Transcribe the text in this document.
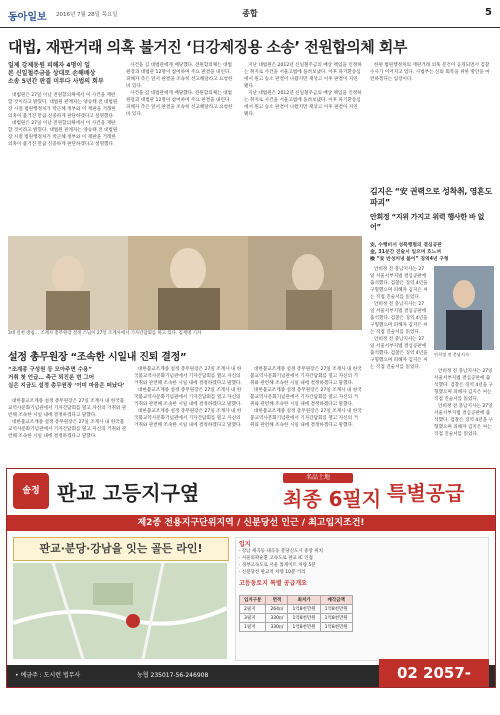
동아일보 2016년 7월 28일 목요일	종합	5
대법, 재판거래 의혹 불거진 ‘日강제징용 소송’ 전원합의체 회부
일제 강제동원 피해자 4명이 일
본 신일철주금을 상대로 손해배상
소송 5년간 판결 미루다 사법의 회부

대법원은 27일 이날 전원합의체에서 이 사건을 재판할 것이라고 밝혔다. 대법원 관계자는 양승태 전 대법원장 시절 법원행정처가 박근혜 정부와 이 재판을 거래한 의혹이 불거진 만큼 신중하게 판단하겠다고 설명했다.

대법원은 27일 이날 전원합의체에서 이 사건을 재판할 것이라고 밝혔다. 대법원 관계자는 양승태 전 대법원장 시절 법원행정처가 박근혜 정부와 이 재판을 거래한 의혹이 불거진 만큼 신중하게 판단하겠다고 설명했다.

사건을 김 대법관에게 배당했다. 전원합의체는 대법원장과 대법관 12명이 참여하며 주요 판결을 내린다. 피해자 측은 앞서 판결을 조속히 선고해달라고 요청한 바 있다.

사건을 김 대법관에게 배당했다. 전원합의체는 대법원장과 대법관 12명이 참여하며 주요 판결을 내린다. 피해자 측은 앞서 판결을 조속히 선고해달라고 요청한 바 있다.

지난 대법원은 2012년 신일철주금의 배상 책임을 인정하는 취지로 사건을 서울고법에 돌려보냈다. 이후 파기환송심에서 원고 승소 판결이 나왔지만 재상고 이후 판결이 지연됐다.

지난 대법원은 2012년 신일철주금의 배상 책임을 인정하는 취지로 사건을 서울고법에 돌려보냈다. 이후 파기환송심에서 원고 승소 판결이 나왔지만 재상고 이후 판결이 지연됐다.

한편 법원행정처의 재판거래 의혹 문건이 공개되면서 검찰 수사가 이어지고 있다. 사법부는 신뢰 회복을 위한 방안을 마련하겠다는 입장이다.

3대 실천 방침... 조계사 총무원장 설정 스님이 27일 조계사에서 기자간담회를 하고 있다. 김재명 기자
설정 총무원장 “조속한 시일내 진퇴 결정”
“조계종 구성원 등 모아주면 수용”
거취 첫 언급… 측근 퇴진론 번 그어
실은 지금도 설정 총무원장 ‘이미 마음은 떠났다’

대한불교조계종 설정 총무원장은 27일 조계사 내 한국불교역사문화기념관에서 기자간담회를 열고 자신의 거취와 관련해 조속한 시일 내에 결정하겠다고 말했다.

대한불교조계종 설정 총무원장은 27일 조계사 내 한국불교역사문화기념관에서 기자간담회를 열고 자신의 거취와 관련해 조속한 시일 내에 결정하겠다고 말했다.

대한불교조계종 설정 총무원장은 27일 조계사 내 한국불교역사문화기념관에서 기자간담회를 열고 자신의 거취와 관련해 조속한 시일 내에 결정하겠다고 말했다.

대한불교조계종 설정 총무원장은 27일 조계사 내 한국불교역사문화기념관에서 기자간담회를 열고 자신의 거취와 관련해 조속한 시일 내에 결정하겠다고 말했다.

대한불교조계종 설정 총무원장은 27일 조계사 내 한국불교역사문화기념관에서 기자간담회를 열고 자신의 거취와 관련해 조속한 시일 내에 결정하겠다고 말했다.

대한불교조계종 설정 총무원장은 27일 조계사 내 한국불교역사문화기념관에서 기자간담회를 열고 자신의 거취와 관련해 조속한 시일 내에 결정하겠다고 말했다.

대한불교조계종 설정 총무원장은 27일 조계사 내 한국불교역사문화기념관에서 기자간담회를 열고 자신의 거취와 관련해 조속한 시일 내에 결정하겠다고 말했다.

대한불교조계종 설정 총무원장은 27일 조계사 내 한국불교역사문화기념관에서 기자간담회를 열고 자신의 거취와 관련해 조속한 시일 내에 결정하겠다고 말했다.

김지은 “安 권력으로 성착취, 영혼도 파괴”
안희정 “지위 가지고 위력 행사한 바 없어”
安, 수행비서 성폭행혐의 결심공판
金, 31분간 진술서 일으며 흐느껴
檢 “安 반성커녕 불어” 징역4년 구형

안희정 전 충남지사는 27일 서울서부지법 결심공판에 출석했다. 검찰은 징역 4년을 구형했으며 피해자 김지은 씨는 직접 진술서를 읽었다.

안희정 전 충남지사는 27일 서울서부지법 결심공판에 출석했다. 검찰은 징역 4년을 구형했으며 피해자 김지은 씨는 직접 진술서를 읽었다.

안희정 전 충남지사는 27일 서울서부지법 결심공판에 출석했다. 검찰은 징역 4년을 구형했으며 피해자 김지은 씨는 직접 진술서를 읽었다.

안희정 전 충남지사

안희정 전 충남지사는 27일 서울서부지법 결심공판에 출석했다. 검찰은 징역 4년을 구형했으며 피해자 김지은 씨는 직접 진술서를 읽었다.

안희정 전 충남지사는 27일 서울서부지법 결심공판에 출석했다. 검찰은 징역 4년을 구형했으며 피해자 김지은 씨는 직접 진술서를 읽었다.

솔정 판교 고등지구옆
名品土地
최종 6필지 특별공급
제2종 전용지구단위지역 / 신분당선 인근 / 최고입지조건!
판교·분당·강남을 잇는 골든 라인!	입지
· 강남 세곡동 내곡동 분당신도시 중앙 위치
· 서울외곽순환 고속도로 판교 IC 인접
· 경부고속도로 서울 톨게이트 차량 5분
· 신분당선 판교역 차량 10분 거리
고등동토지 특별 공급개요
입지구분	면적	최저가	매각금액
2필지	264㎡	1억8천만원	1억8천만원
3필지	330㎡	1억8천만원	1억8천만원
1필지	330㎡	1억8천만원	1억8천만원
• 예금주 : 도시런 법무사	농협 235017-56-246908	02 2057-1777
